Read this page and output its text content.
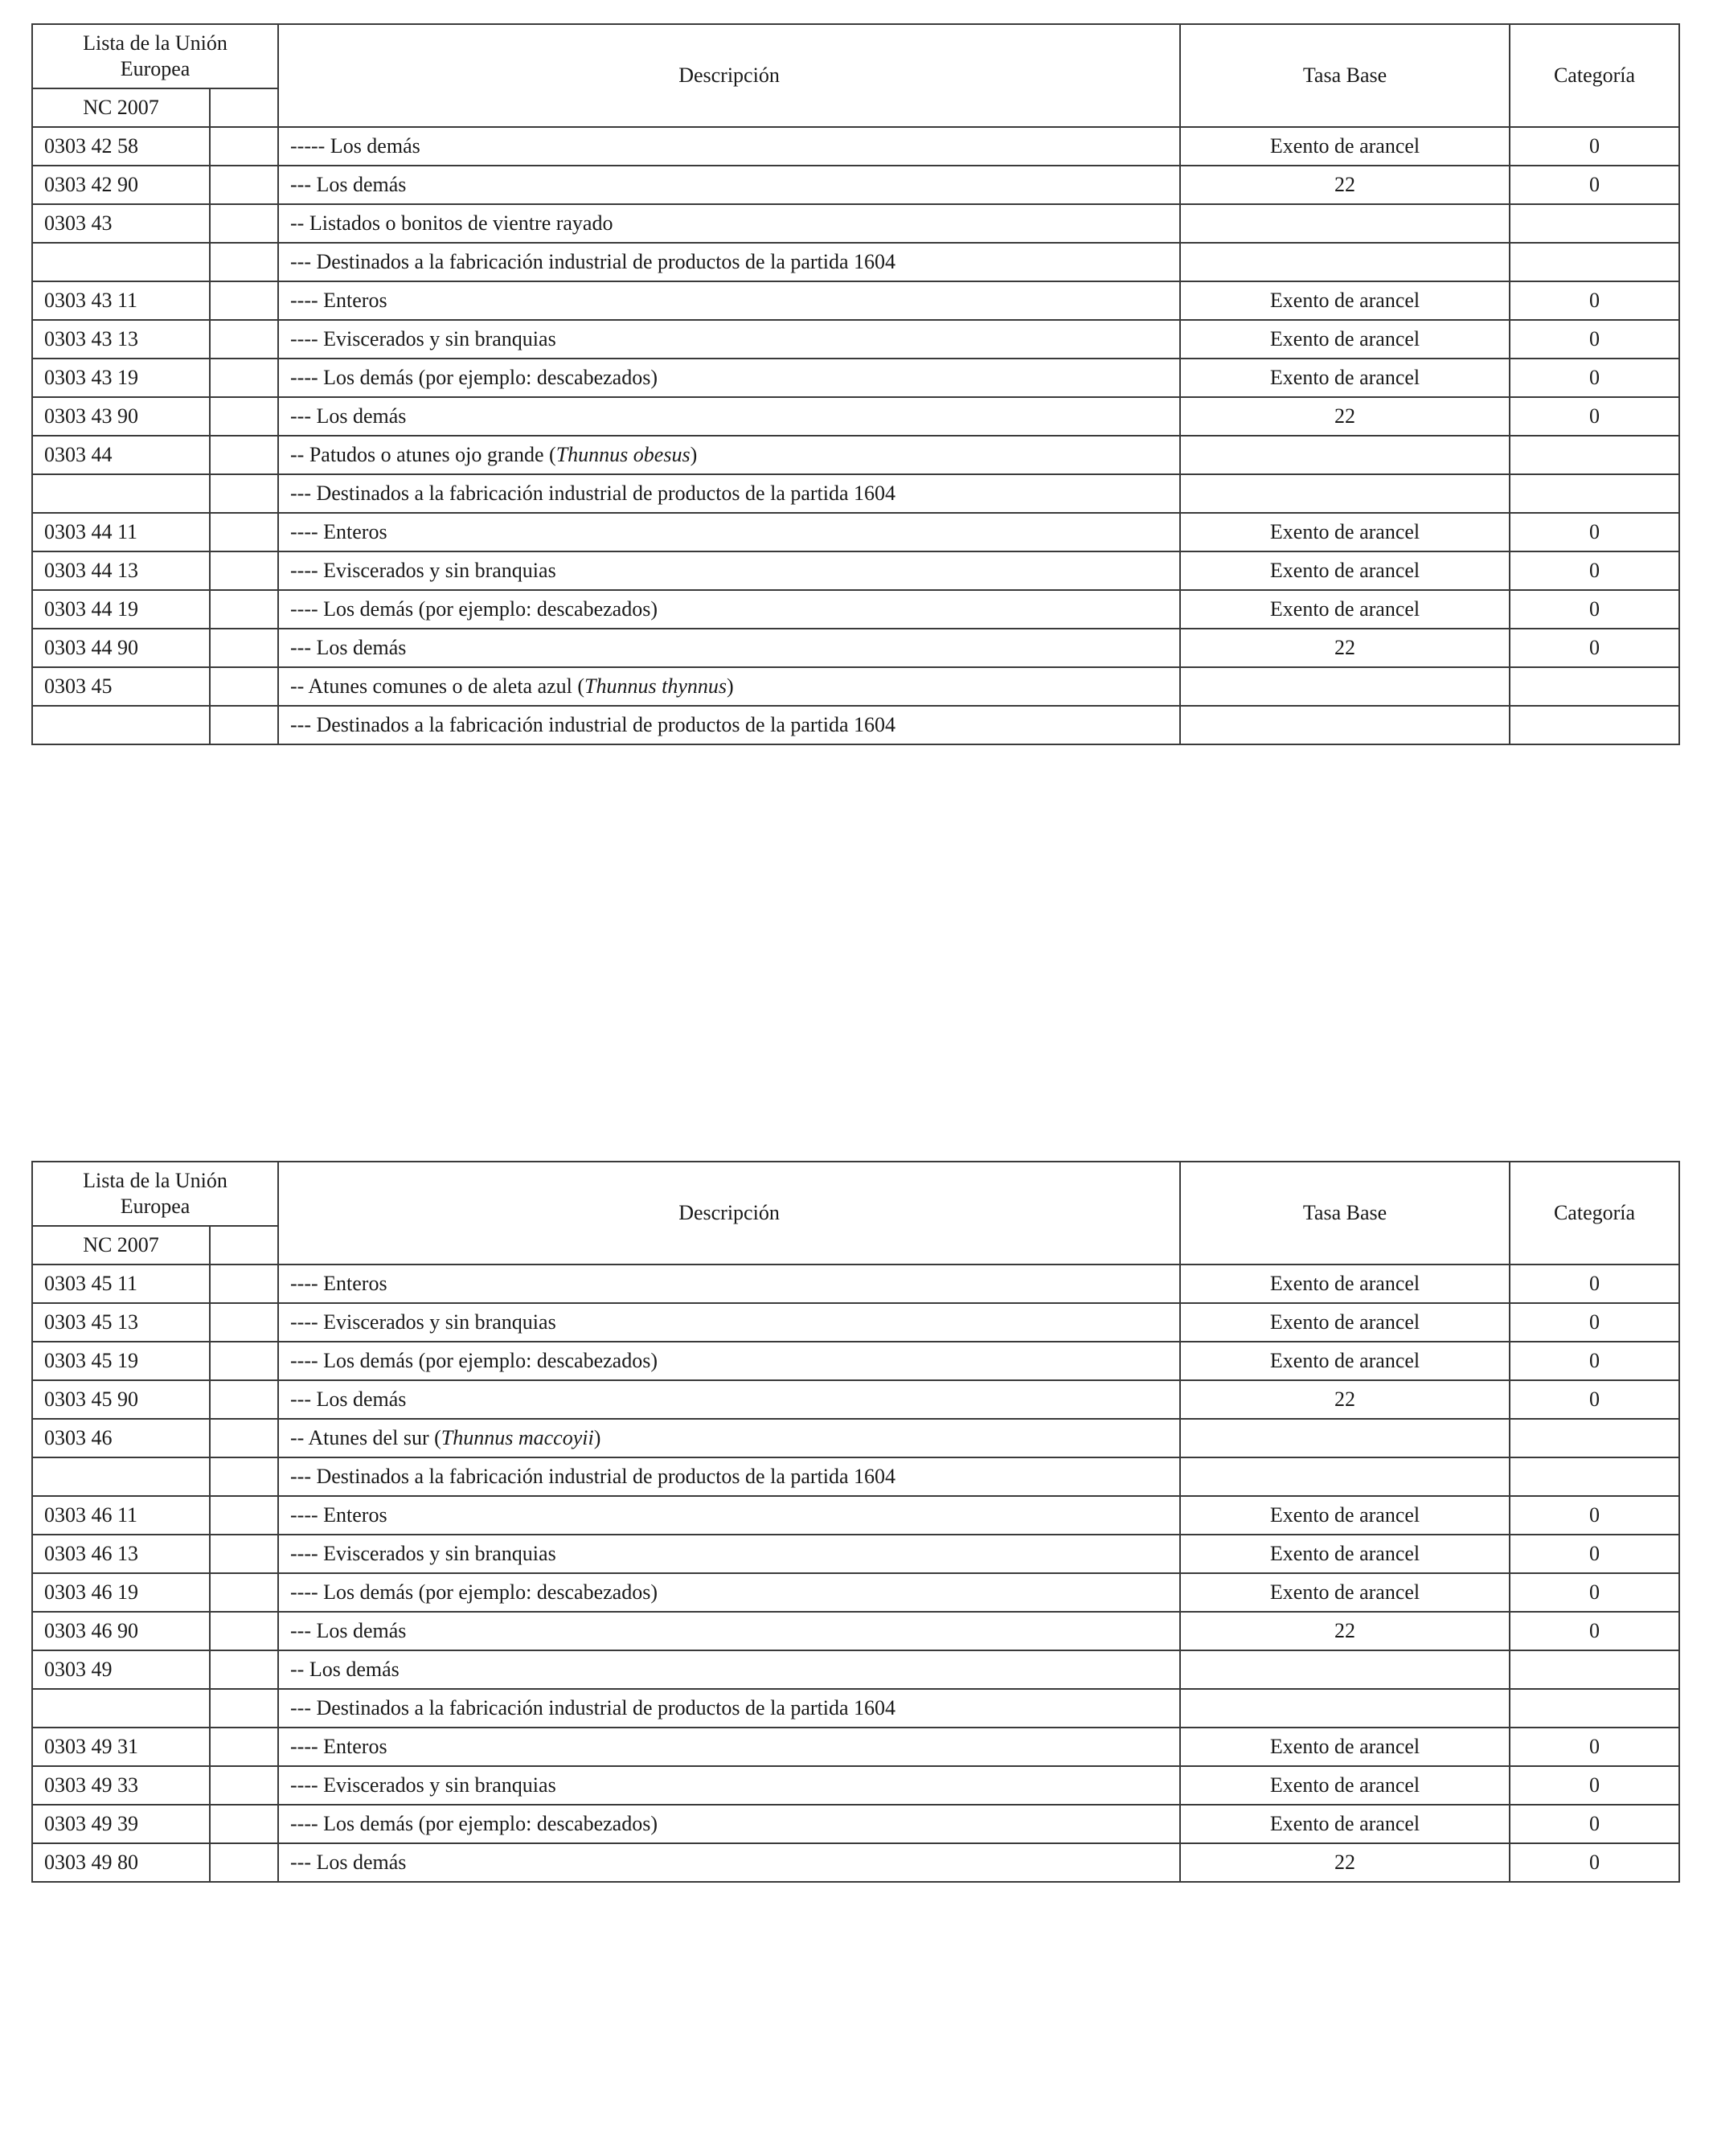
Lista de la Unión Europea		Descripción	Tasa Base	Categoría
NC 2007				
0303 42 58		----- Los demás	Exento de arancel	0
0303 42 90		--- Los demás	22	0
0303 43		-- Listados o bonitos de vientre rayado		
		--- Destinados a la fabricación industrial de productos de la partida 1604		
0303 43 11		---- Enteros	Exento de arancel	0
0303 43 13		---- Eviscerados y sin branquias	Exento de arancel	0
0303 43 19		---- Los demás (por ejemplo: descabezados)	Exento de arancel	0
0303 43 90		--- Los demás	22	0
0303 44		-- Patudos o atunes ojo grande (Thunnus obesus)		
		--- Destinados a la fabricación industrial de productos de la partida 1604		
0303 44 11		---- Enteros	Exento de arancel	0
0303 44 13		---- Eviscerados y sin branquias	Exento de arancel	0
0303 44 19		---- Los demás (por ejemplo: descabezados)	Exento de arancel	0
0303 44 90		--- Los demás	22	0
0303 45		-- Atunes comunes o de aleta azul (Thunnus thynnus)		
		--- Destinados a la fabricación industrial de productos de la partida 1604		
Lista de la Unión Europea		Descripción	Tasa Base	Categoría
NC 2007				
0303 45 11		---- Enteros	Exento de arancel	0
0303 45 13		---- Eviscerados y sin branquias	Exento de arancel	0
0303 45 19		---- Los demás (por ejemplo: descabezados)	Exento de arancel	0
0303 45 90		--- Los demás	22	0
0303 46		-- Atunes del sur (Thunnus maccoyii)		
		--- Destinados a la fabricación industrial de productos de la partida 1604		
0303 46 11		---- Enteros	Exento de arancel	0
0303 46 13		---- Eviscerados y sin branquias	Exento de arancel	0
0303 46 19		---- Los demás (por ejemplo: descabezados)	Exento de arancel	0
0303 46 90		--- Los demás	22	0
0303 49		-- Los demás		
		--- Destinados a la fabricación industrial de productos de la partida 1604		
0303 49 31		---- Enteros	Exento de arancel	0
0303 49 33		---- Eviscerados y sin branquias	Exento de arancel	0
0303 49 39		---- Los demás (por ejemplo: descabezados)	Exento de arancel	0
0303 49 80		--- Los demás	22	0
